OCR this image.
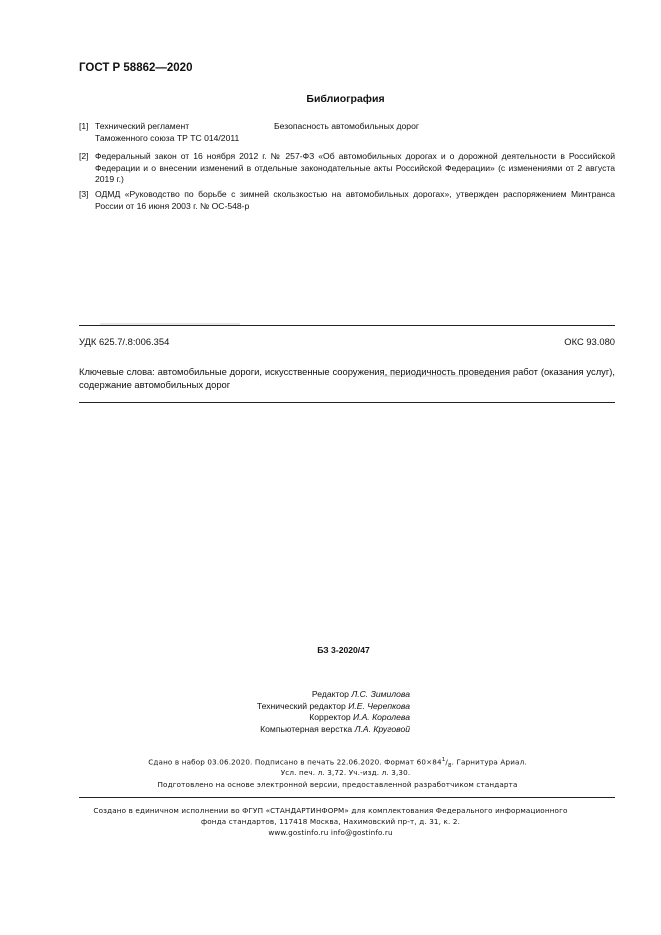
ГОСТ Р 58862—2020
Библиография
[1] Технический регламент
Таможенного союза ТР ТС 014/2011
Безопасность автомобильных дорог
[2] Федеральный закон от 16 ноября 2012 г. № 257-ФЗ «Об автомобильных дорогах и о дорожной деятельности в Российской Федерации и о внесении изменений в отдельные законодательные акты Российской Федерации» (с изменениями от 2 августа 2019 г.)
[3] ОДМД «Руководство по борьбе с зимней скользкостью на автомобильных дорогах», утвержден распоряжением Минтранса России от 16 июня 2003 г. № ОС-548-р
УДК 625.7/.8:006.354	ОКС 93.080
Ключевые слова: автомобильные дороги, искусственные сооружения, периодичность проведения работ (оказания услуг), содержание автомобильных дорог
БЗ 3-2020/47
Редактор Л.С. Зимилова
Технический редактор И.Е. Черепкова
Корректор И.А. Королева
Компьютерная верстка Л.А. Круговой
Сдано в набор 03.06.2020. Подписано в печать 22.06.2020. Формат $60\times 84^1/_8$. Гарнитура Ариал.
Усл. печ. л. 3,72. Уч.-изд. л. 3,30.
Подготовлено на основе электронной версии, предоставленной разработчиком стандарта
Создано в единичном исполнении во ФГУП «СТАНДАРТИНФОРМ» для комплектования Федерального информационного
фонда стандартов, 117418 Москва, Нахимовский пр-т, д. 31, к. 2.
www.gostinfo.ru info@gostinfo.ru
